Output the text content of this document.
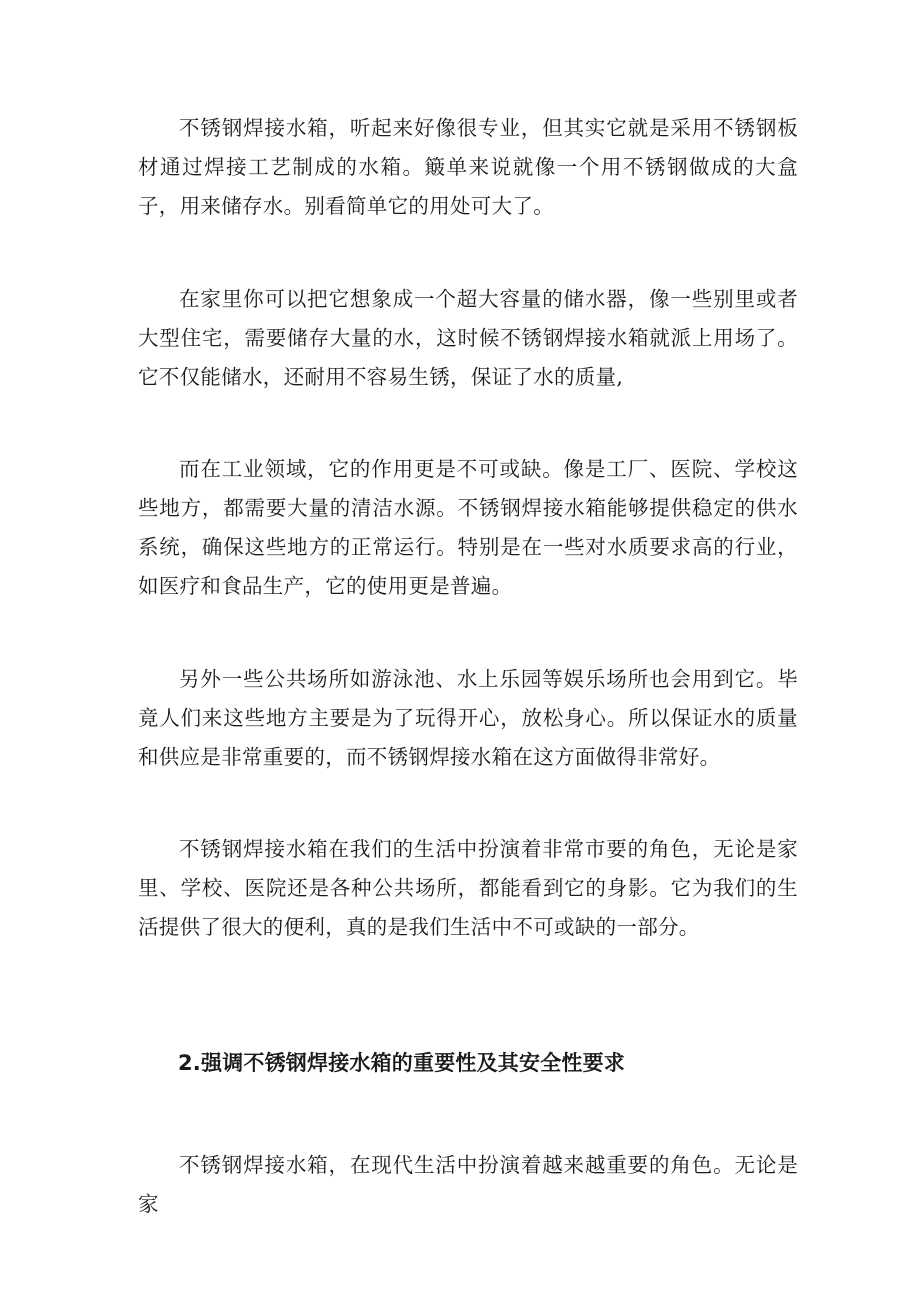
不锈钢焊接水箱，听起来好像很专业，但其实它就是采用不锈钢板材通过焊接工艺制成的水箱。簸单来说就像一个用不锈钢做成的大盒子，用来储存水。别看简单它的用处可大了。

在家里你可以把它想象成一个超大容量的储水器，像一些别里或者大型住宅，需要储存大量的水，这时候不锈钢焊接水箱就派上用场了。它不仅能储水，还耐用不容易生锈，保证了水的质量,

而在工业领域，它的作用更是不可或缺。像是工厂、医院、学校这些地方，都需要大量的清洁水源。不锈钢焊接水箱能够提供稳定的供水系统，确保这些地方的正常运行。特别是在一些对水质要求高的行业，如医疗和食品生产，它的使用更是普遍。

另外一些公共场所如游泳池、水上乐园等娱乐场所也会用到它。毕竟人们来这些地方主要是为了玩得开心，放松身心。所以保证水的质量和供应是非常重要的，而不锈钢焊接水箱在这方面做得非常好。

不锈钢焊接水箱在我们的生活中扮演着非常市要的角色，无论是家里、学校、医院还是各种公共场所，都能看到它的身影。它为我们的生活提供了很大的便利，真的是我们生活中不可或缺的一部分。

2.强调不锈钢焊接水箱的重要性及其安全性要求

不锈钢焊接水箱，在现代生活中扮演着越来越重要的角色。无论是家
